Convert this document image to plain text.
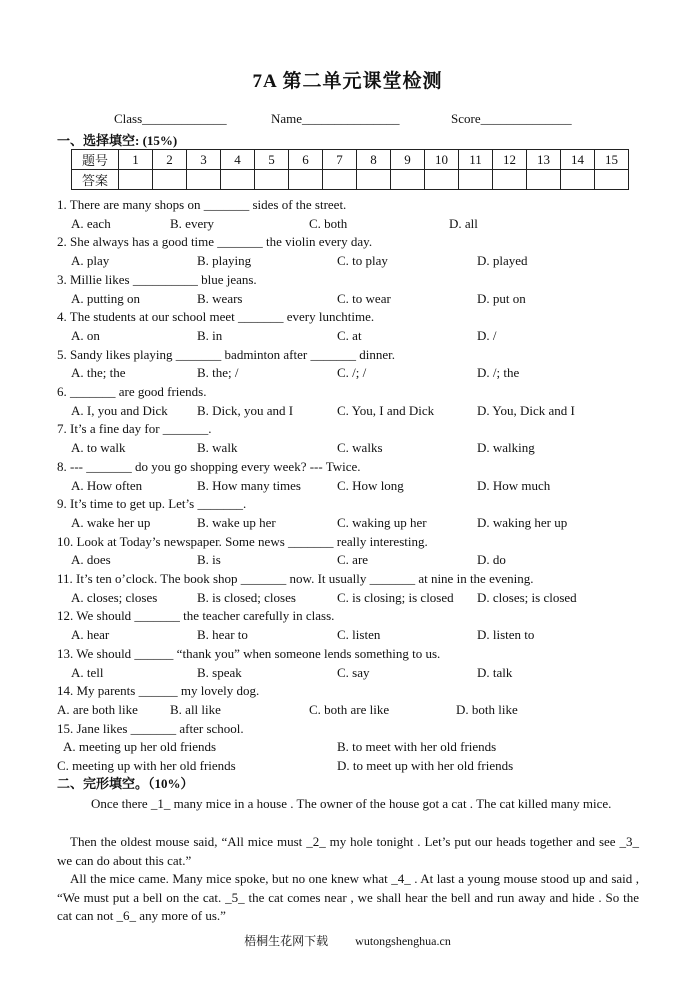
7A 第二单元课堂检测
Class_____________	Name_______________	Score______________
一、选择填空: (15%)
题号	1	2	3	4	5	6	7	8	9	10	11	12	13	14	15
答案															
1. There are many shops on _______ sides of the street.
A. each	B. every	C. both	D. all
2. She always has a good time _______ the violin every day.
A. play	B. playing	C. to play	D. played
3. Millie likes __________ blue jeans.
A. putting on	B. wears	C. to wear	D. put on
4. The students at our school meet _______ every lunchtime.
A. on	B. in	C. at	D. /
5. Sandy likes playing _______ badminton after _______ dinner.
A. the; the	B. the; /	C. /; /	D. /; the
6. _______ are good friends.
A. I, you and Dick B. Dick, you and I	C. You, I and Dick	D. You, Dick and I
7. It’s a fine day for _______.
A. to walk	B. walk	C. walks	D. walking
8. --- _______ do you go shopping every week? --- Twice.
A. How often	B. How many times	C. How long	D. How much
9. It’s time to get up. Let’s _______.
A. wake her up	B. wake up her	C. waking up her	D. waking her up
10. Look at Today’s newspaper. Some news _______ really interesting.
A. does	B. is	C. are	D. do
11. It’s ten o’clock. The book shop _______ now. It usually _______ at nine in the evening.
A. closes; closes	B. is closed; closes	C. is closing; is closed D. closes; is closed
12. We should _______ the teacher carefully in class.
A. hear	B. hear to	C. listen	D. listen to
13. We should ______ “thank you” when someone lends something to us.
A. tell	B. speak	C. say	D. talk
14. My parents ______ my lovely dog.
A. are both like B. all like	C. both are like	D. both like
15. Jane likes _______ after school.
A. meeting up her old friends	B. to meet with her old friends
C. meeting up with her old friends	D. to meet up with her old friends
二、完形填空。（10%）
Once there _1_ many mice in a house . The owner of the house got a cat . The cat killed many mice.
Then the oldest mouse said, “All mice must _2_ my hole tonight . Let’s put our heads together and see _3_ we can do about this cat.”
All the mice came. Many mice spoke, but no one knew what _4_ . At last a young mouse stood up and said , “We must put a bell on the cat. _5_ the cat comes near , we shall hear the bell and run away and hide . So the cat can not _6_ any more of us.”
梧桐生花网下载 wutongshenghua.cn
